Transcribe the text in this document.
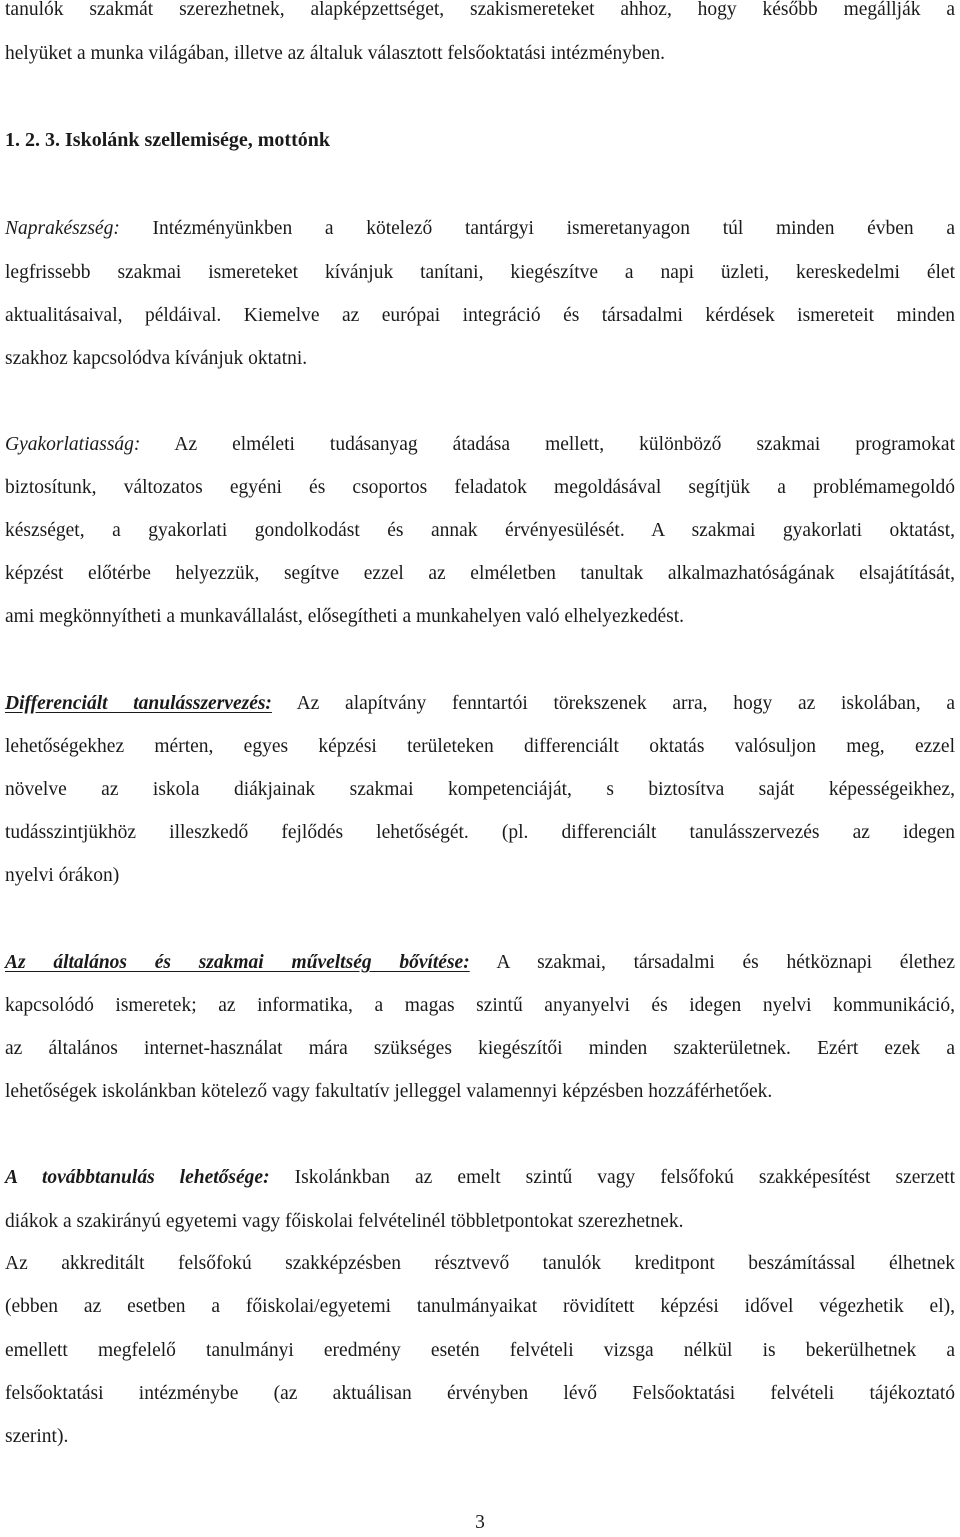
tanulók szakmát szerezhetnek, alapképzettséget, szakismereteket ahhoz, hogy később megállják a
helyüket a munka világában, illetve az általuk választott felsőoktatási intézményben.
1. 2. 3. Iskolánk szellemisége, mottónk
Naprakészség: Intézményünkben a kötelező tantárgyi ismeretanyagon túl minden évben a
legfrissebb szakmai ismereteket kívánjuk tanítani, kiegészítve a napi üzleti, kereskedelmi élet
aktualitásaival, példáival. Kiemelve az európai integráció és társadalmi kérdések ismereteit minden
szakhoz kapcsolódva kívánjuk oktatni.
Gyakorlatiasság: Az elméleti tudásanyag átadása mellett, különböző szakmai programokat
biztosítunk, változatos egyéni és csoportos feladatok megoldásával segítjük a problémamegoldó
készséget, a gyakorlati gondolkodást és annak érvényesülését. A szakmai gyakorlati oktatást,
képzést előtérbe helyezzük, segítve ezzel az elméletben tanultak alkalmazhatóságának elsajátítását,
ami megkönnyítheti a munkavállalást, elősegítheti a munkahelyen való elhelyezkedést.
Differenciált tanulásszervezés: Az alapítvány fenntartói törekszenek arra, hogy az iskolában, a
lehetőségekhez mérten, egyes képzési területeken differenciált oktatás valósuljon meg, ezzel
növelve az iskola diákjainak szakmai kompetenciáját, s biztosítva saját képességeikhez,
tudásszintjükhöz illeszkedő fejlődés lehetőségét. (pl. differenciált tanulásszervezés az idegen
nyelvi órákon)
Az általános és szakmai műveltség bővítése: A szakmai, társadalmi és hétköznapi élethez
kapcsolódó ismeretek; az informatika, a magas szintű anyanyelvi és idegen nyelvi kommunikáció,
az általános internet-használat mára szükséges kiegészítői minden szakterületnek. Ezért ezek a
lehetőségek iskolánkban kötelező vagy fakultatív jelleggel valamennyi képzésben hozzáférhetőek.
A továbbtanulás lehetősége: Iskolánkban az emelt szintű vagy felsőfokú szakképesítést szerzett
diákok a szakirányú egyetemi vagy főiskolai felvételinél többletpontokat szerezhetnek.
Az akkreditált felsőfokú szakképzésben résztvevő tanulók kreditpont beszámítással élhetnek
(ebben az esetben a főiskolai/egyetemi tanulmányaikat rövidített képzési idővel végezhetik el),
emellett megfelelő tanulmányi eredmény esetén felvételi vizsga nélkül is bekerülhetnek a
felsőoktatási intézménybe (az aktuálisan érvényben lévő Felsőoktatási felvételi tájékoztató
szerint).
3
